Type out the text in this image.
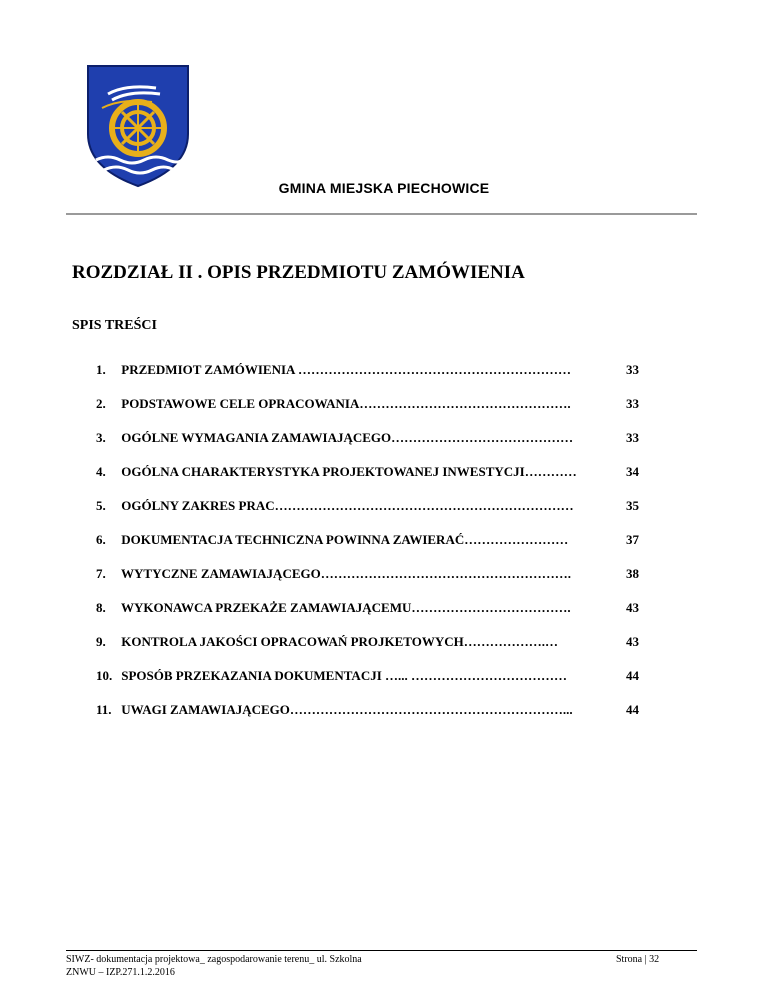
GMINA MIEJSKA PIECHOWICE
ROZDZIAŁ II . OPIS PRZEDMIOTU ZAMÓWIENIA
SPIS TREŚCI
1. PRZEDMIOT ZAMÓWIENIA ………………………………………………………	33
2. PODSTAWOWE CELE OPRACOWANIA………………………………………….	33
3. OGÓLNE WYMAGANIA ZAMAWIAJĄCEGO……………………………………	33
4. OGÓLNA CHARAKTERYSTYKA PROJEKTOWANEJ INWESTYCJI…………	34
5. OGÓLNY ZAKRES PRAC……………………………………………………………	35
6. DOKUMENTACJA TECHNICZNA POWINNA ZAWIERAĆ……………………	37
7. WYTYCZNE ZAMAWIAJĄCEGO………………………………………………….	38
8. WYKONAWCA PRZEKAŻE ZAMAWIAJĄCEMU……………………………….	43
9. KONTROLA JAKOŚCI OPRACOWAŃ PROJKETOWYCH……………….…	43
10. SPOSÓB PRZEKAZANIA DOKUMENTACJI …... ………………………………	44
11. UWAGI ZAMAWIAJĄCEGO………………………………………………………...	44
SIWZ- dokumentacja projektowa_ zagospodarowanie terenu_ ul. Szkolna
ZNWU – IZP.271.1.2.2016
Strona | 32
